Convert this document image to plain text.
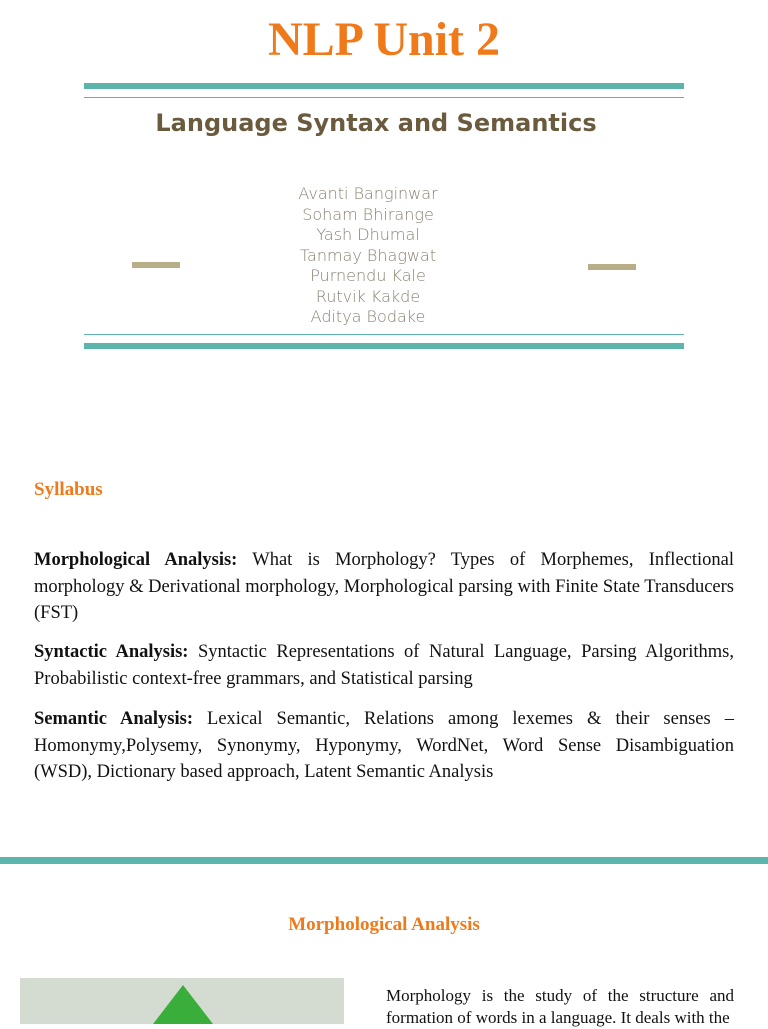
NLP Unit 2
Language Syntax and Semantics
Avanti Banginwar
Soham Bhirange
Yash Dhumal
Tanmay Bhagwat
Purnendu Kale
Rutvik Kakde
Aditya Bodake
Syllabus
Morphological Analysis: What is Morphology? Types of Morphemes, Inflectional morphology & Derivational morphology, Morphological parsing with Finite State Transducers (FST)
Syntactic Analysis: Syntactic Representations of Natural Language, Parsing Algorithms, Probabilistic context-free grammars, and Statistical parsing
Semantic Analysis: Lexical Semantic, Relations among lexemes & their senses – Homonymy,Polysemy, Synonymy, Hyponymy, WordNet, Word Sense Disambiguation (WSD), Dictionary based approach, Latent Semantic Analysis
Morphological Analysis
Morphology is the study of the structure and formation of words in a language. It deals with the
